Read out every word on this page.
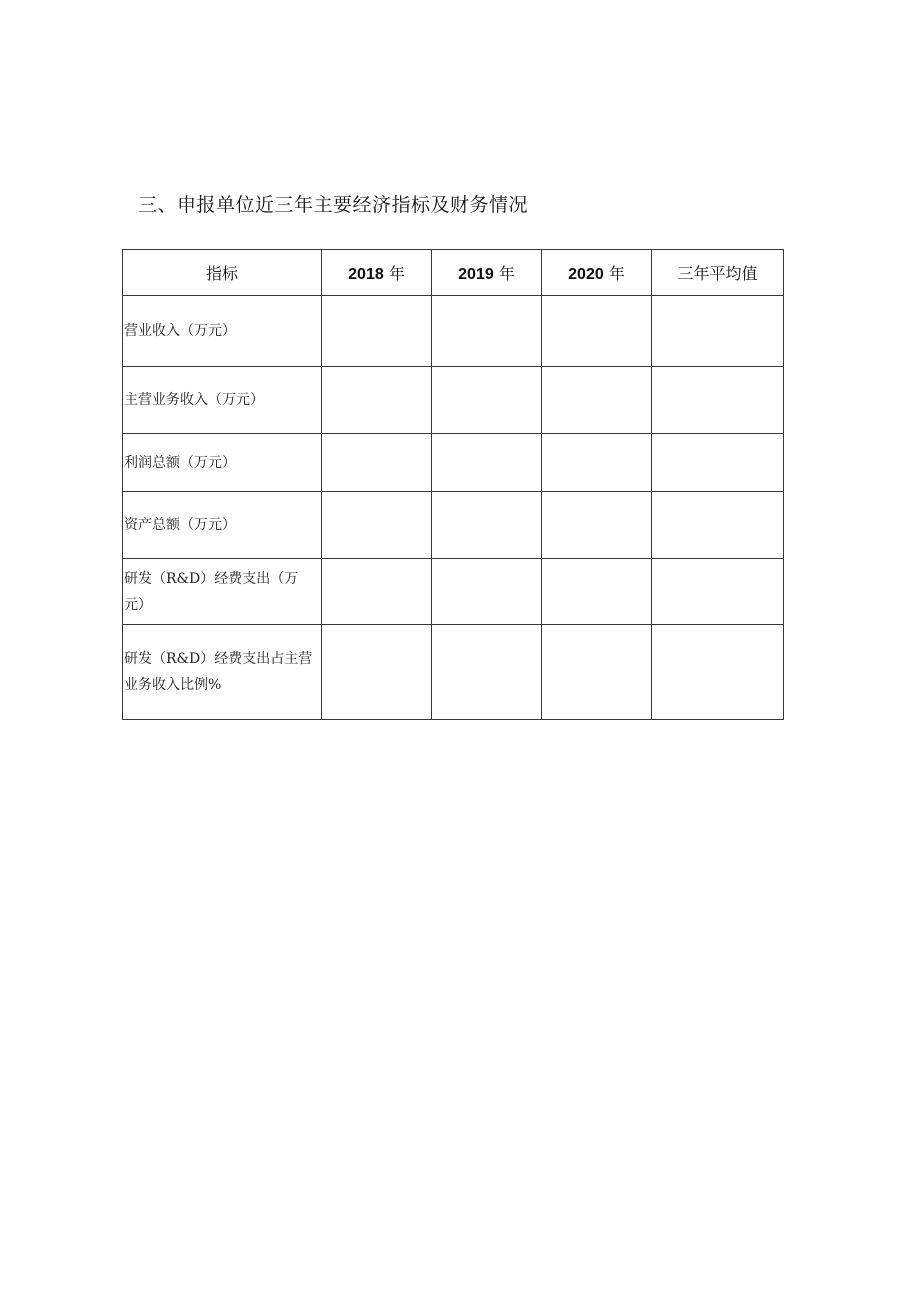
三、申报单位近三年主要经济指标及财务情况
指标	2018 年	2019 年	2020 年	三年平均值
营业收入（万元）				
主营业务收入（万元）				
利润总额（万元）				
资产总额（万元）				
研发（R&D）经费支出（万元）				
研发（R&D）经费支出占主营业务收入比例%				
